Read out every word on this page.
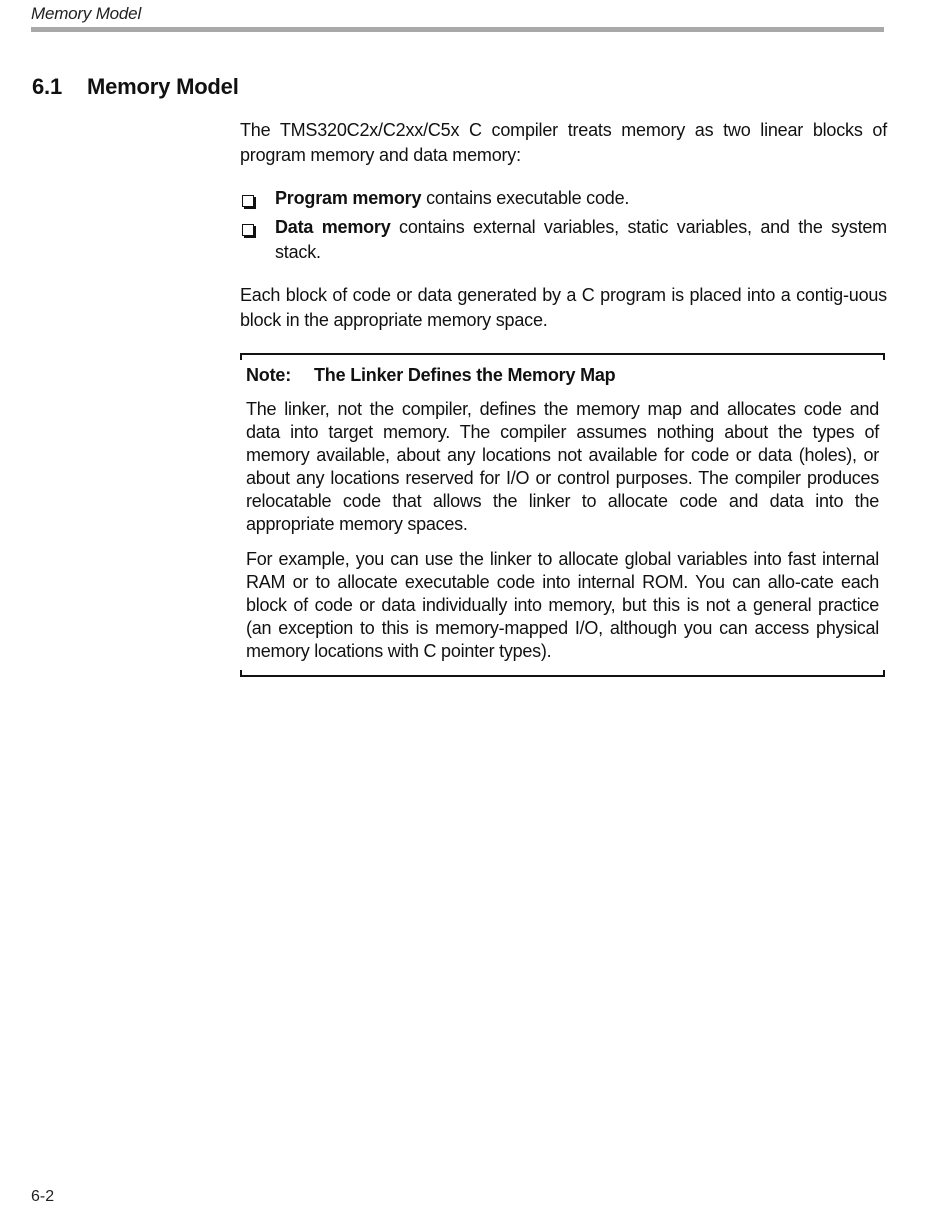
Memory Model
6.1 Memory Model

The TMS320C2x/C2xx/C5x C compiler treats memory as two linear blocks of program memory and data memory:

Program memory contains executable code.
Data memory contains external variables, static variables, and the system stack.

Each block of code or data generated by a C program is placed into a contig-uous block in the appropriate memory space.

Note: The Linker Defines the Memory Map

The linker, not the compiler, defines the memory map and allocates code and data into target memory. The compiler assumes nothing about the types of memory available, about any locations not available for code or data (holes), or about any locations reserved for I/O or control purposes. The compiler produces relocatable code that allows the linker to allocate code and data into the appropriate memory spaces.

For example, you can use the linker to allocate global variables into fast internal RAM or to allocate executable code into internal ROM. You can allo-cate each block of code or data individually into memory, but this is not a general practice (an exception to this is memory-mapped I/O, although you can access physical memory locations with C pointer types).

6-2
